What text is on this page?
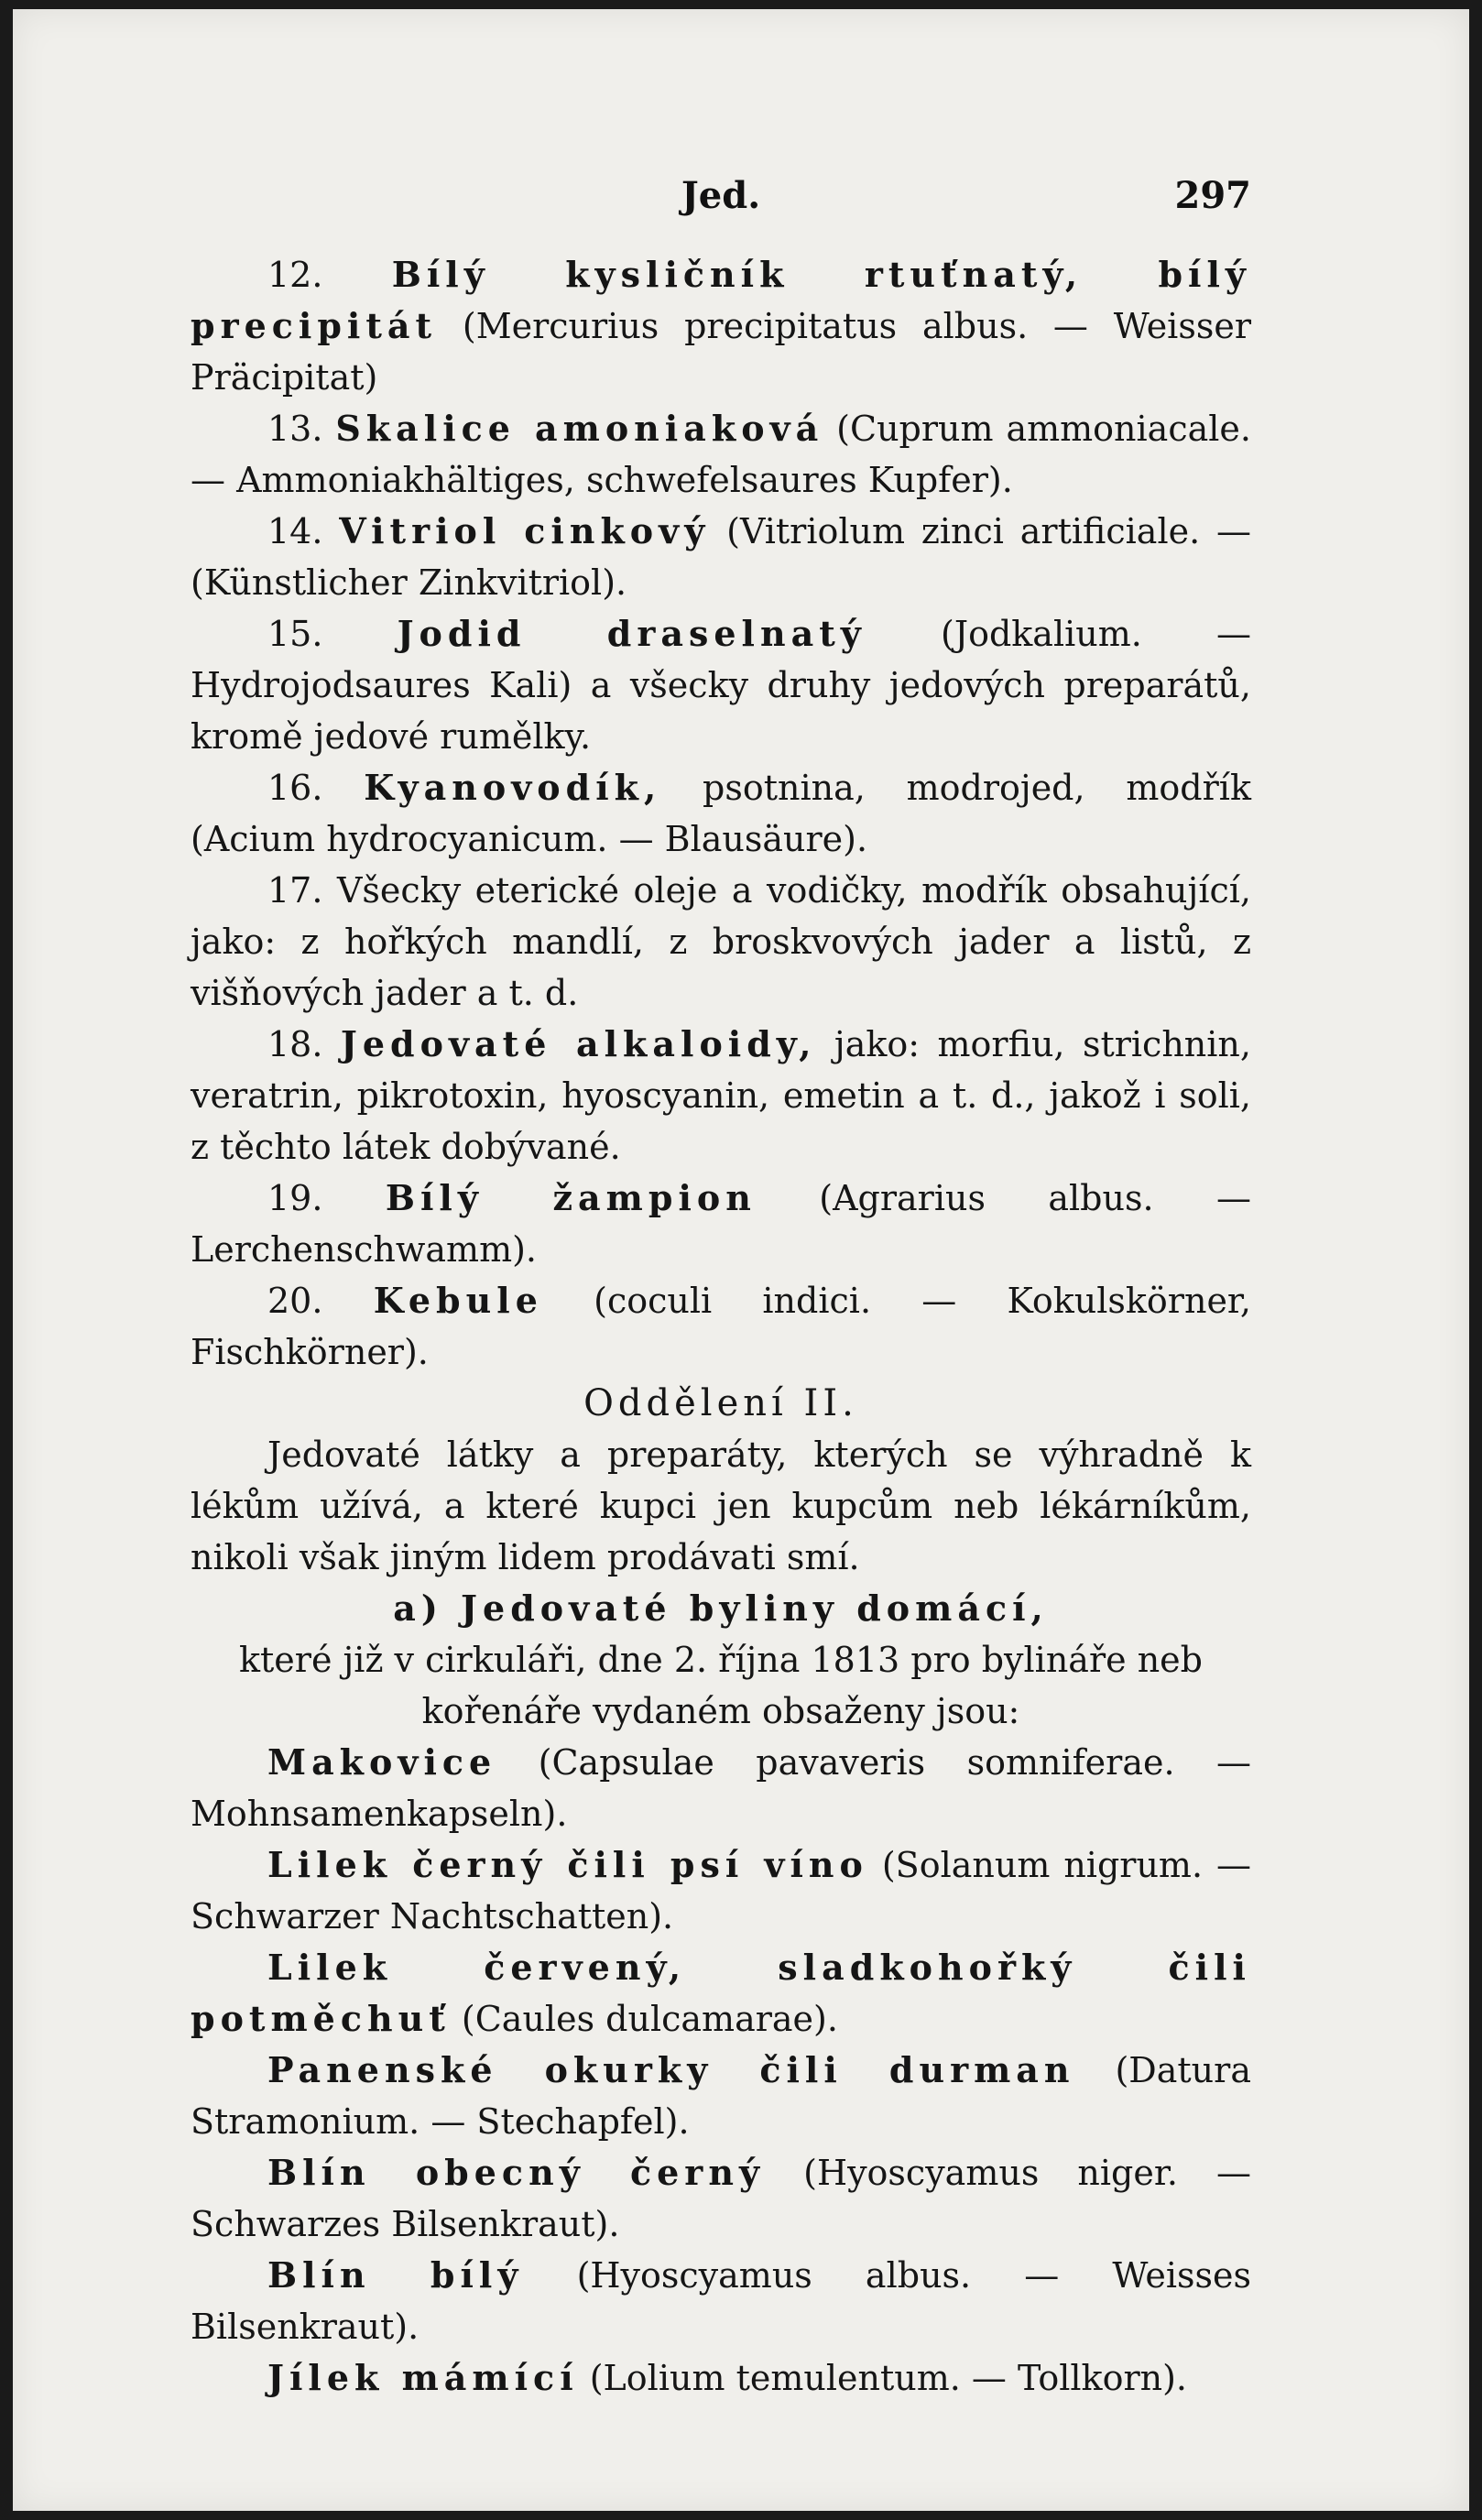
Jed.	297

12. Bílý kysličník rtuťnatý, bílý precipitát (Mercurius precipitatus albus. — Weisser Präcipitat)

13. Skalice amoniaková (Cuprum ammoniacale. — Ammoniakhältiges, schwefelsaures Kupfer).

14. Vitriol cinkový (Vitriolum zinci artificiale. — (Künstlicher Zinkvitriol).

15. Jodid draselnatý (Jodkalium. — Hydrojodsaures Kali) a všecky druhy jedových preparátů, kromě jedové rumělky.

16. Kyanovodík, psotnina, modrojed, modřík (Acium hydrocyanicum. — Blausäure).

17. Všecky eterické oleje a vodičky, modřík obsahující, jako: z hořkých mandlí, z broskvových jader a listů, z višňových jader a t. d.

18. Jedovaté alkaloidy, jako: morfiu, strichnin, veratrin, pikrotoxin, hyoscyanin, emetin a t. d., jakož i soli, z těchto látek dobývané.

19. Bílý žampion (Agrarius albus. — Lerchenschwamm).

20. Kebule (coculi indici. — Kokulskörner, Fischkörner).

Oddělení II.

Jedovaté látky a preparáty, kterých se výhradně k lékům užívá, a které kupci jen kupcům neb lékárníkům, nikoli však jiným lidem prodávati smí.

a) Jedovaté byliny domácí,

které již v cirkuláři, dne 2. října 1813 pro bylináře neb kořenáře vydaném obsaženy jsou:

Makovice (Capsulae pavaveris somniferae. — Mohnsamenkapseln).

Lilek černý čili psí víno (Solanum nigrum. — Schwarzer Nachtschatten).

Lilek červený, sladkohořký čili potměchuť (Caules dulcamarae).

Panenské okurky čili durman (Datura Stramonium. — Stechapfel).

Blín obecný černý (Hyoscyamus niger. — Schwarzes Bilsenkraut).

Blín bílý (Hyoscyamus albus. — Weisses Bilsenkraut).

Jílek mámící (Lolium temulentum. — Tollkorn).
